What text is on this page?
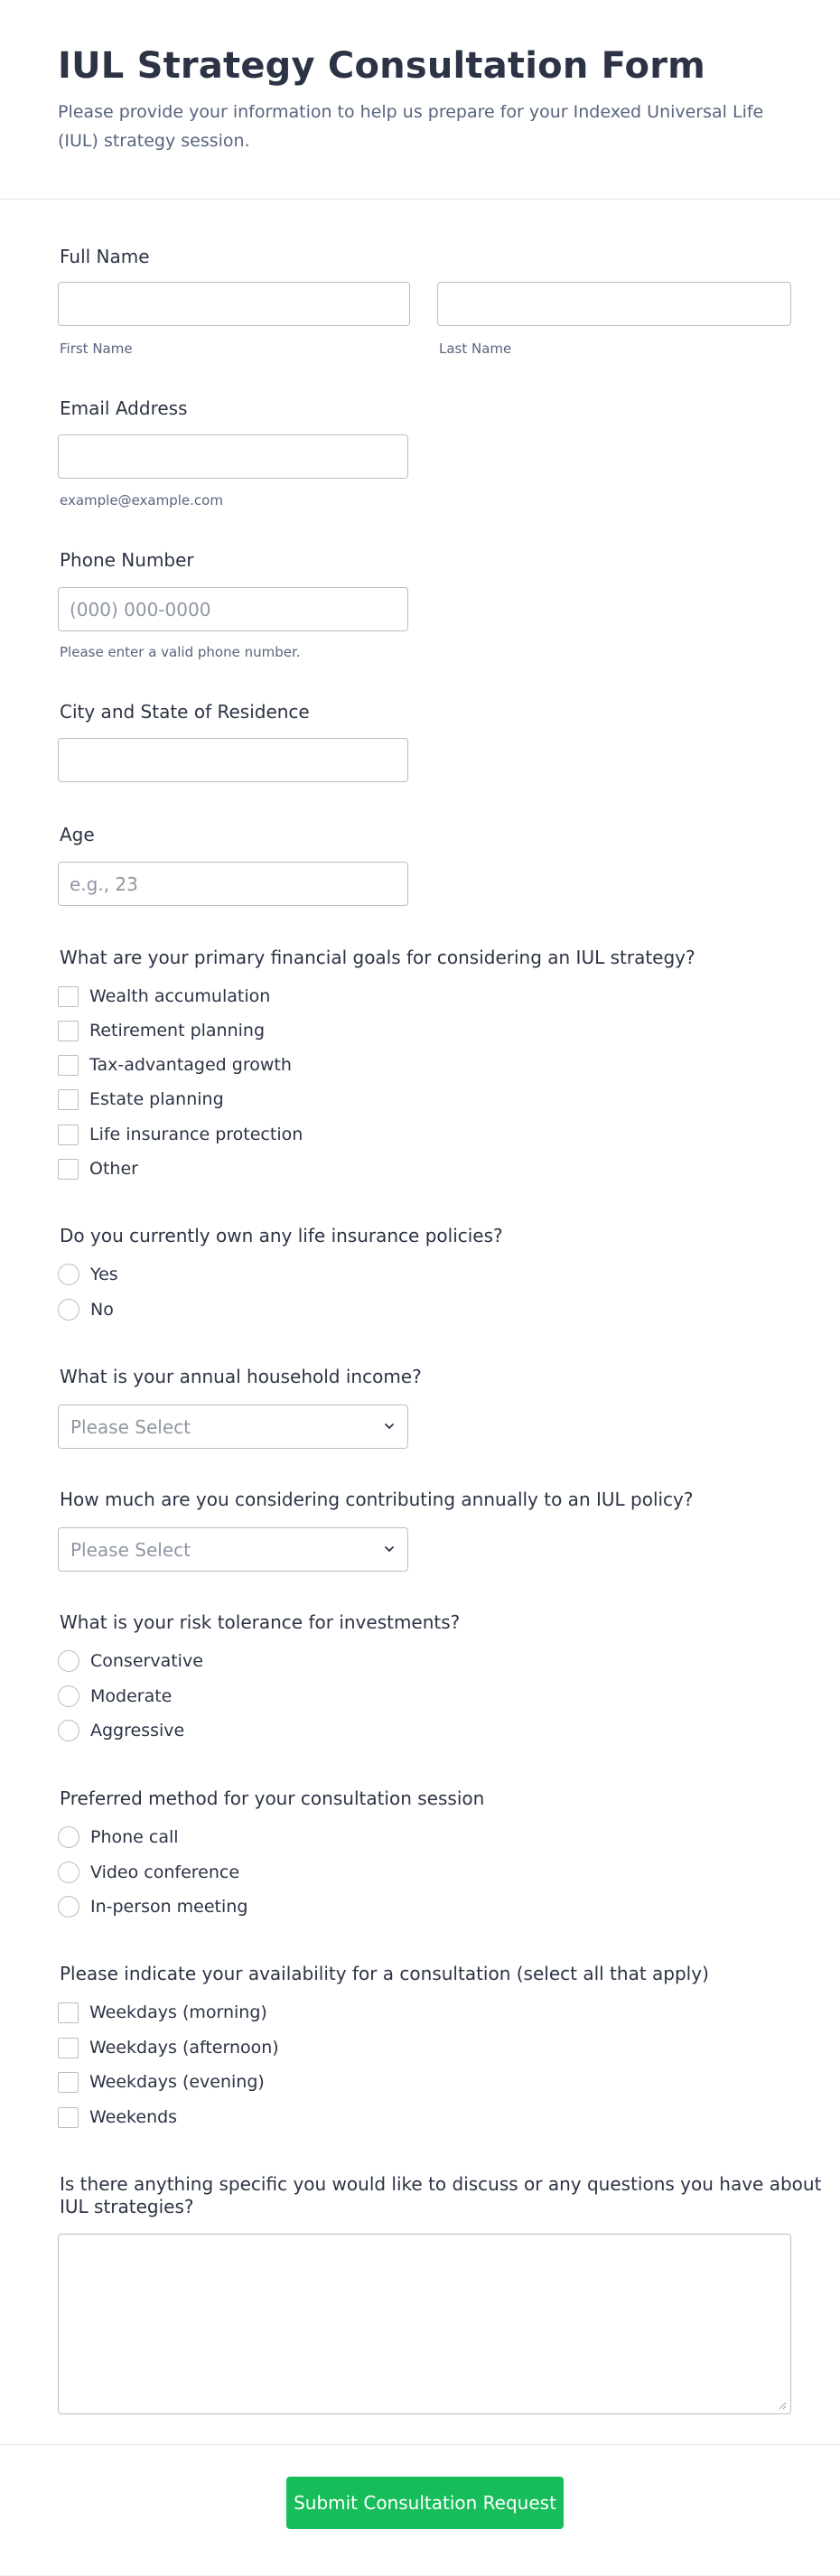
IUL Strategy Consultation Form

Please provide your information to help us prepare for your Indexed Universal Life (IUL) strategy session.

Full Name
First Name	Last Name
Email Address
example@example.com
Phone Number
(000) 000-0000
Please enter a valid phone number.
City and State of Residence
Age
e.g., 23
What are your primary financial goals for considering an IUL strategy?
Wealth accumulation
Retirement planning
Tax-advantaged growth
Estate planning
Life insurance protection
Other
Do you currently own any life insurance policies?
Yes
No
What is your annual household income?
Please Select
How much are you considering contributing annually to an IUL policy?
Please Select
What is your risk tolerance for investments?
Conservative
Moderate
Aggressive
Preferred method for your consultation session
Phone call
Video conference
In-person meeting
Please indicate your availability for a consultation (select all that apply)
Weekdays (morning)
Weekdays (afternoon)
Weekdays (evening)
Weekends
Is there anything specific you would like to discuss or any questions you have about
IUL strategies?
Submit Consultation Request
